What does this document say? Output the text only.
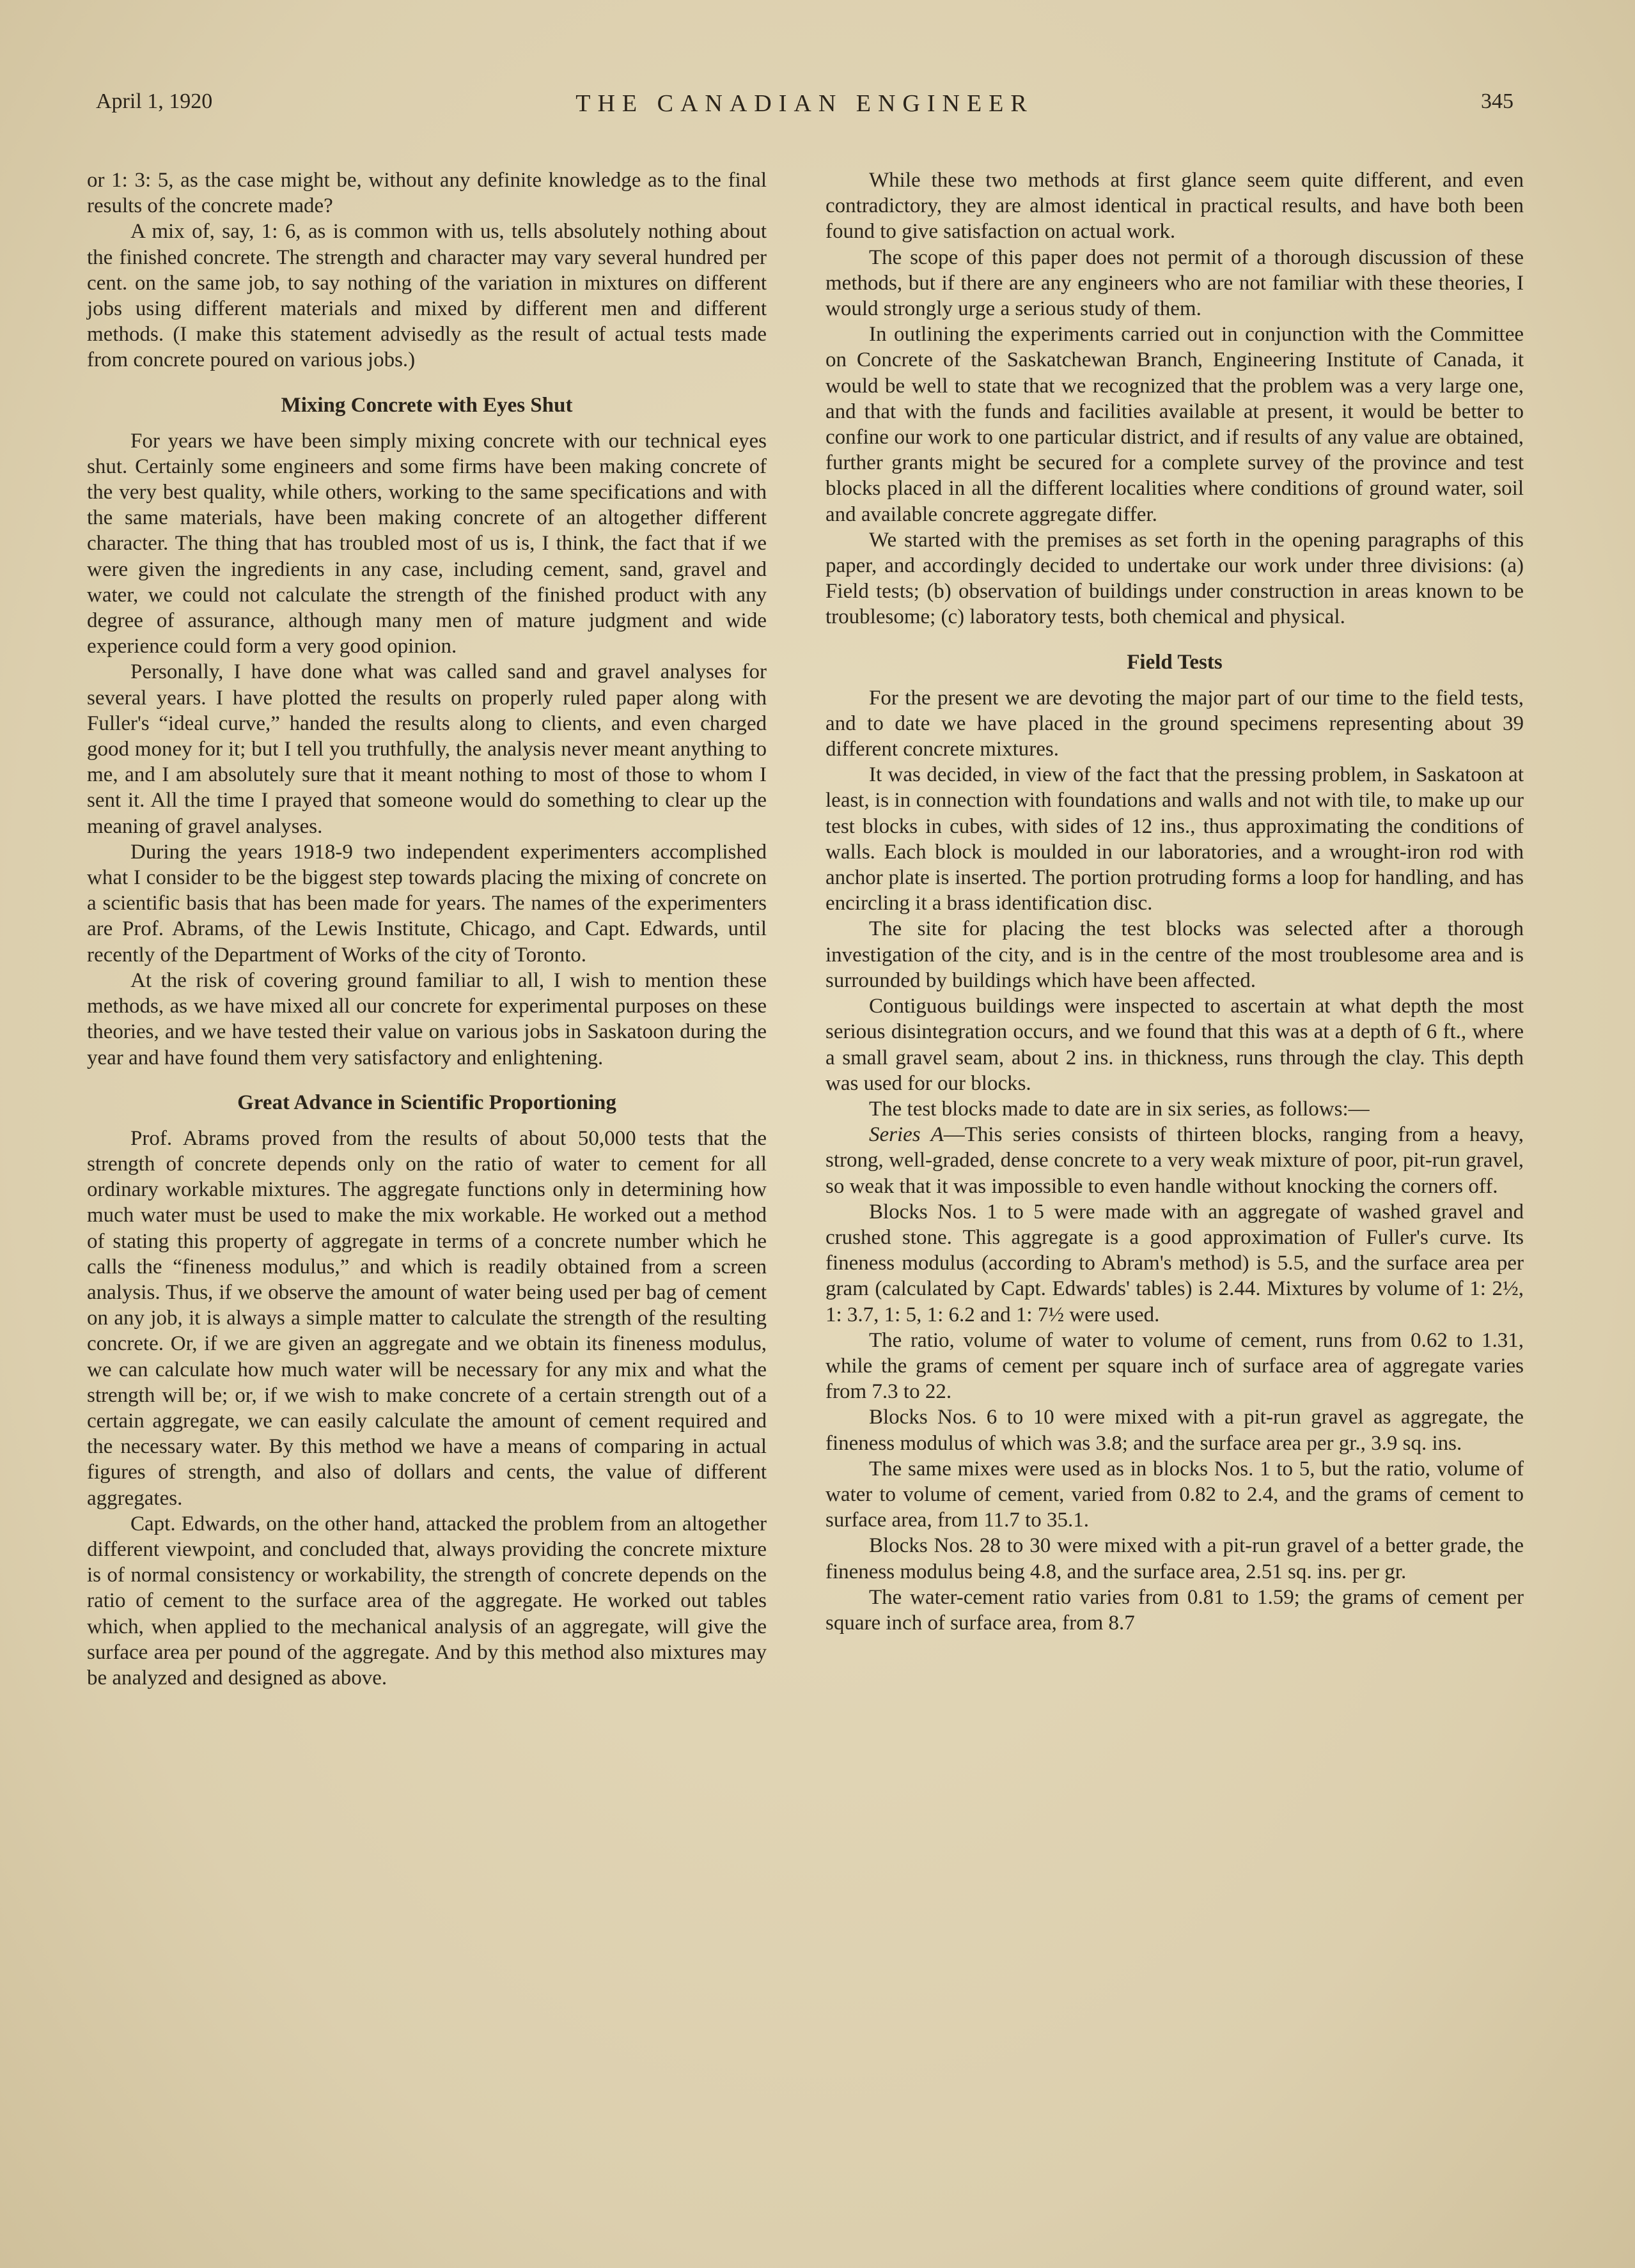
April 1, 1920	THE CANADIAN ENGINEER	345

or 1: 3: 5, as the case might be, without any definite knowledge as to the final results of the concrete made?

A mix of, say, 1: 6, as is common with us, tells absolutely nothing about the finished concrete. The strength and character may vary several hundred per cent. on the same job, to say nothing of the variation in mixtures on different jobs using different materials and mixed by different men and different methods. (I make this statement advisedly as the result of actual tests made from concrete poured on various jobs.)

Mixing Concrete with Eyes Shut

For years we have been simply mixing concrete with our technical eyes shut. Certainly some engineers and some firms have been making concrete of the very best quality, while others, working to the same specifications and with the same materials, have been making concrete of an altogether different character. The thing that has troubled most of us is, I think, the fact that if we were given the ingredients in any case, including cement, sand, gravel and water, we could not calculate the strength of the finished product with any degree of assurance, although many men of mature judgment and wide experience could form a very good opinion.

Personally, I have done what was called sand and gravel analyses for several years. I have plotted the results on properly ruled paper along with Fuller's “ideal curve,” handed the results along to clients, and even charged good money for it; but I tell you truthfully, the analysis never meant anything to me, and I am absolutely sure that it meant nothing to most of those to whom I sent it. All the time I prayed that someone would do something to clear up the meaning of gravel analyses.

During the years 1918-9 two independent experimenters accomplished what I consider to be the biggest step towards placing the mixing of concrete on a scientific basis that has been made for years. The names of the experimenters are Prof. Abrams, of the Lewis Institute, Chicago, and Capt. Edwards, until recently of the Department of Works of the city of Toronto.

At the risk of covering ground familiar to all, I wish to mention these methods, as we have mixed all our concrete for experimental purposes on these theories, and we have tested their value on various jobs in Saskatoon during the year and have found them very satisfactory and enlightening.

Great Advance in Scientific Proportioning

Prof. Abrams proved from the results of about 50,000 tests that the strength of concrete depends only on the ratio of water to cement for all ordinary workable mixtures. The aggregate functions only in determining how much water must be used to make the mix workable. He worked out a method of stating this property of aggregate in terms of a concrete number which he calls the “fineness modulus,” and which is readily obtained from a screen analysis. Thus, if we observe the amount of water being used per bag of cement on any job, it is always a simple matter to calculate the strength of the resulting concrete. Or, if we are given an aggregate and we obtain its fineness modulus, we can calculate how much water will be necessary for any mix and what the strength will be; or, if we wish to make concrete of a certain strength out of a certain aggregate, we can easily calculate the amount of cement required and the necessary water. By this method we have a means of comparing in actual figures of strength, and also of dollars and cents, the value of different aggregates.

Capt. Edwards, on the other hand, attacked the problem from an altogether different viewpoint, and concluded that, always providing the concrete mixture is of normal consistency or workability, the strength of concrete depends on the ratio of cement to the surface area of the aggregate. He worked out tables which, when applied to the mechanical analysis of an aggregate, will give the surface area per pound of the aggregate. And by this method also mixtures may be analyzed and designed as above.

While these two methods at first glance seem quite different, and even contradictory, they are almost identical in practical results, and have both been found to give satisfaction on actual work.

The scope of this paper does not permit of a thorough discussion of these methods, but if there are any engineers who are not familiar with these theories, I would strongly urge a serious study of them.

In outlining the experiments carried out in conjunction with the Committee on Concrete of the Saskatchewan Branch, Engineering Institute of Canada, it would be well to state that we recognized that the problem was a very large one, and that with the funds and facilities available at present, it would be better to confine our work to one particular district, and if results of any value are obtained, further grants might be secured for a complete survey of the province and test blocks placed in all the different localities where conditions of ground water, soil and available concrete aggregate differ.

We started with the premises as set forth in the opening paragraphs of this paper, and accordingly decided to undertake our work under three divisions: (a) Field tests; (b) observation of buildings under construction in areas known to be troublesome; (c) laboratory tests, both chemical and physical.

Field Tests

For the present we are devoting the major part of our time to the field tests, and to date we have placed in the ground specimens representing about 39 different concrete mixtures.

It was decided, in view of the fact that the pressing problem, in Saskatoon at least, is in connection with foundations and walls and not with tile, to make up our test blocks in cubes, with sides of 12 ins., thus approximating the conditions of walls. Each block is moulded in our laboratories, and a wrought-iron rod with anchor plate is inserted. The portion protruding forms a loop for handling, and has encircling it a brass identification disc.

The site for placing the test blocks was selected after a thorough investigation of the city, and is in the centre of the most troublesome area and is surrounded by buildings which have been affected.

Contiguous buildings were inspected to ascertain at what depth the most serious disintegration occurs, and we found that this was at a depth of 6 ft., where a small gravel seam, about 2 ins. in thickness, runs through the clay. This depth was used for our blocks.

The test blocks made to date are in six series, as follows:—

Series A—This series consists of thirteen blocks, ranging from a heavy, strong, well-graded, dense concrete to a very weak mixture of poor, pit-run gravel, so weak that it was impossible to even handle without knocking the corners off.

Blocks Nos. 1 to 5 were made with an aggregate of washed gravel and crushed stone. This aggregate is a good approximation of Fuller's curve. Its fineness modulus (according to Abram's method) is 5.5, and the surface area per gram (calculated by Capt. Edwards' tables) is 2.44. Mixtures by volume of 1: 2½, 1: 3.7, 1: 5, 1: 6.2 and 1: 7½ were used.

The ratio, volume of water to volume of cement, runs from 0.62 to 1.31, while the grams of cement per square inch of surface area of aggregate varies from 7.3 to 22.

Blocks Nos. 6 to 10 were mixed with a pit-run gravel as aggregate, the fineness modulus of which was 3.8; and the surface area per gr., 3.9 sq. ins.

The same mixes were used as in blocks Nos. 1 to 5, but the ratio, volume of water to volume of cement, varied from 0.82 to 2.4, and the grams of cement to surface area, from 11.7 to 35.1.

Blocks Nos. 28 to 30 were mixed with a pit-run gravel of a better grade, the fineness modulus being 4.8, and the surface area, 2.51 sq. ins. per gr.

The water-cement ratio varies from 0.81 to 1.59; the grams of cement per square inch of surface area, from 8.7
